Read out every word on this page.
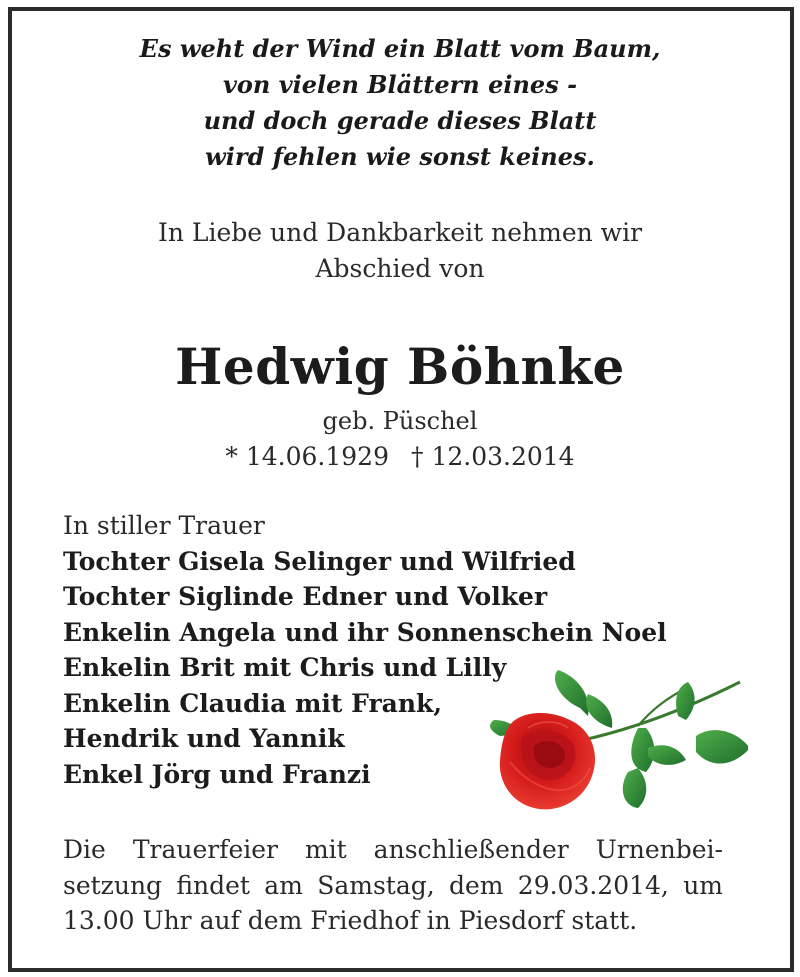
Es weht der Wind ein Blatt vom Baum,
von vielen Blättern eines -
und doch gerade dieses Blatt
wird fehlen wie sonst keines.
In Liebe und Dankbarkeit nehmen wir
Abschied von
Hedwig Böhnke
geb. Püschel
* 14.06.1929 † 12.03.2014
In stiller Trauer
Tochter Gisela Selinger und Wilfried
Tochter Siglinde Edner und Volker
Enkelin Angela und ihr Sonnenschein Noel
Enkelin Brit mit Chris und Lilly
Enkelin Claudia mit Frank,
Hendrik und Yannik
Enkel Jörg und Franzi
Die Trauerfeier mit anschließender Urnenbei-
setzung findet am Samstag, dem 29.03.2014, um
13.00 Uhr auf dem Friedhof in Piesdorf statt.
